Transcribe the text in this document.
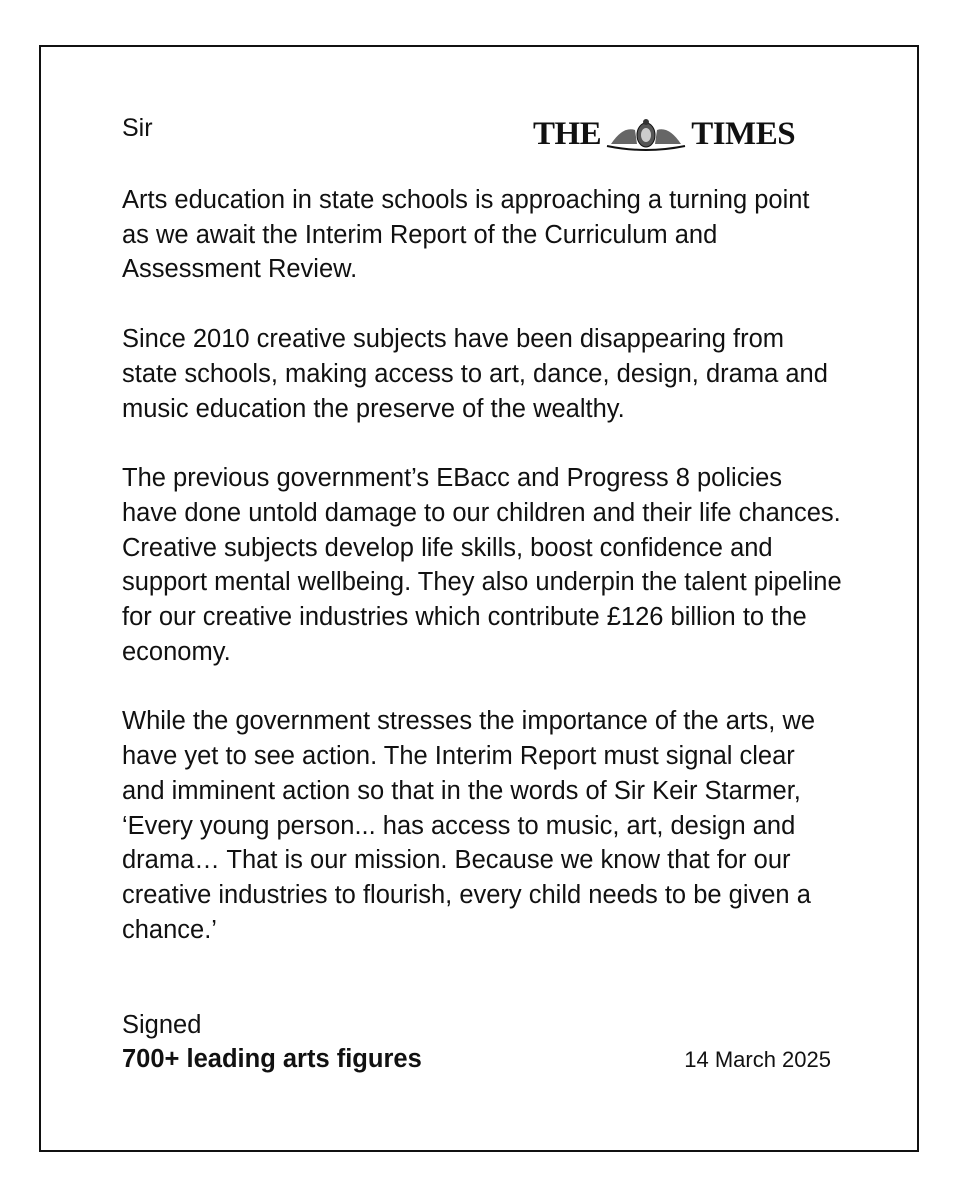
Sir	THE	TIMES

Arts education in state schools is approaching a turning point as we await the Interim Report of the Curriculum and Assessment Review.

Since 2010 creative subjects have been disappearing from state schools, making access to art, dance, design, drama and music education the preserve of the wealthy.

The previous government’s EBacc and Progress 8 policies have done untold damage to our children and their life chances. Creative subjects develop life skills, boost confidence and support mental wellbeing. They also underpin the talent pipeline for our creative industries which contribute £126 billion to the economy.

While the government stresses the importance of the arts, we have yet to see action. The Interim Report must signal clear and imminent action so that in the words of Sir Keir Starmer, ‘Every young person... has access to music, art, design and drama… That is our mission. Because we know that for our creative industries to flourish, every child needs to be given a chance.’

Signed
700+ leading arts figures	14 March 2025
